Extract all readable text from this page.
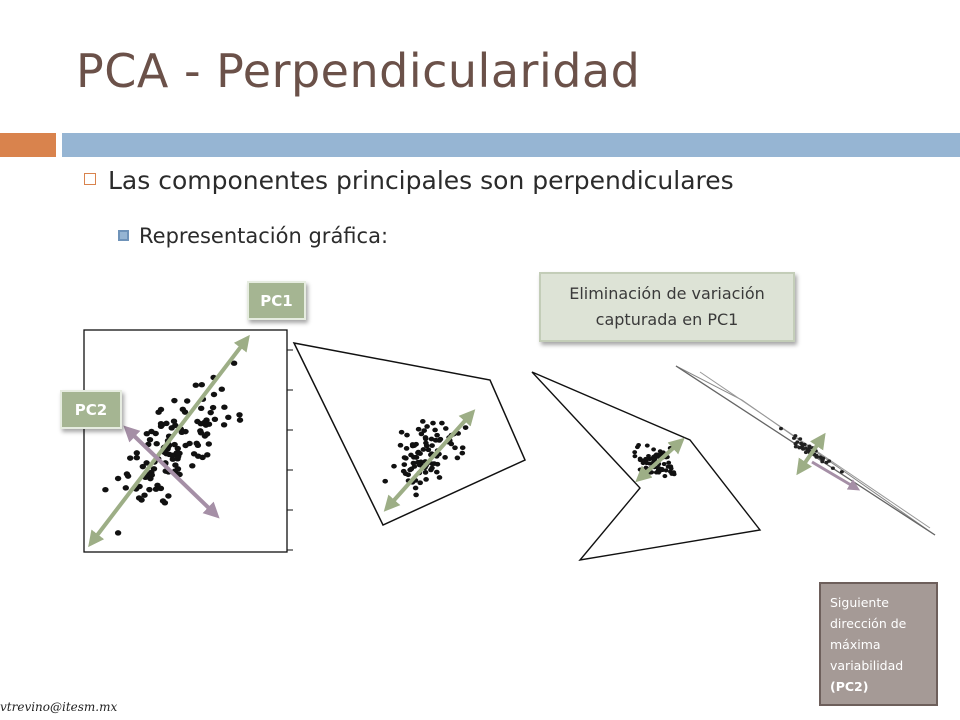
PCA - Perpendicularidad
Las componentes principales son perpendiculares
Representación gráfica:
PC1
PC2
Eliminación de variación
capturada en PC1
Siguiente
dirección de
máxima
variabilidad
(PC2)
vtrevino@itesm.mx
